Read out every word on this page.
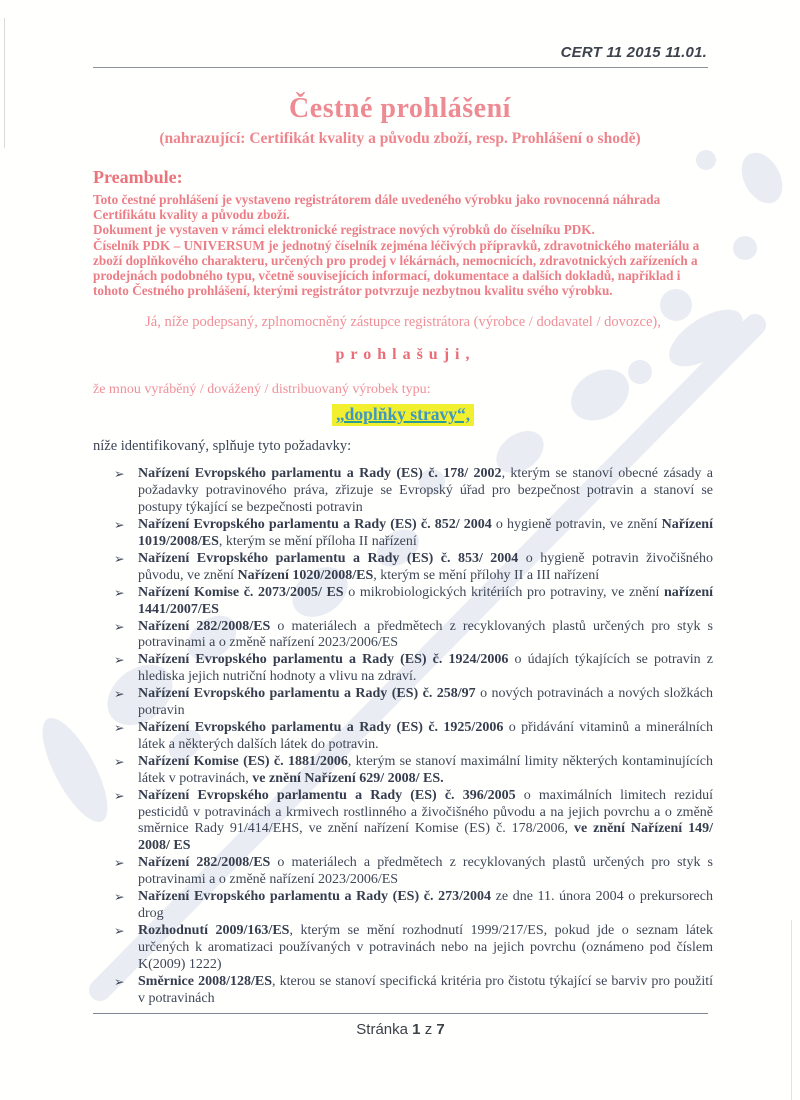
CERT 11 2015 11.01.
Čestné prohlášení
(nahrazující: Certifikát kvality a původu zboží, resp. Prohlášení o shodě)

Preambule:

Toto čestné prohlášení je vystaveno registrátorem dále uvedeného výrobku jako rovnocenná náhrada Certifikátu kvality a původu zboží.

Dokument je vystaven v rámci elektronické registrace nových výrobků do číselníku PDK.

Číselník PDK – UNIVERSUM je jednotný číselník zejména léčivých přípravků, zdravotnického materiálu a zboží doplňkového charakteru, určených pro prodej v lékárnách, nemocnicích, zdravotnických zařízeních a prodejnách podobného typu, včetně souvisejících informací, dokumentace a dalších dokladů, například i tohoto Čestného prohlášení, kterými registrátor potvrzuje nezbytnou kvalitu svého výrobku.

Já, níže podepsaný, zplnomocněný zástupce registrátora (výrobce / dodavatel / dovozce),

p r o h l a š u j i ,

že mnou vyráběný / dovážený / distribuovaný výrobek typu:

„doplňky stravy“,

níže identifikovaný, splňuje tyto požadavky:

➢ Nařízení Evropského parlamentu a Rady (ES) č. 178/ 2002, kterým se stanoví obecné zásady a požadavky potravinového práva, zřizuje se Evropský úřad pro bezpečnost potravin a stanoví se postupy týkající se bezpečnosti potravin
➢ Nařízení Evropského parlamentu a Rady (ES) č. 852/ 2004 o hygieně potravin, ve znění Nařízení 1019/2008/ES, kterým se mění příloha II nařízení
➢ Nařízení Evropského parlamentu a Rady (ES) č. 853/ 2004 o hygieně potravin živočišného původu, ve znění Nařízení 1020/2008/ES, kterým se mění přílohy II a III nařízení
➢ Nařízení Komise č. 2073/2005/ ES o mikrobiologických kritériích pro potraviny, ve znění nařízení 1441/2007/ES
➢ Nařízení 282/2008/ES o materiálech a předmětech z recyklovaných plastů určených pro styk s potravinami a o změně nařízení 2023/2006/ES
➢ Nařízení Evropského parlamentu a Rady (ES) č. 1924/2006 o údajích týkajících se potravin z hlediska jejich nutriční hodnoty a vlivu na zdraví.
➢ Nařízení Evropského parlamentu a Rady (ES) č. 258/97 o nových potravinách a nových složkách potravin
➢ Nařízení Evropského parlamentu a Rady (ES) č. 1925/2006 o přidávání vitaminů a minerálních látek a některých dalších látek do potravin.
➢ Nařízení Komise (ES) č. 1881/2006, kterým se stanoví maximální limity některých kontaminujících látek v potravinách, ve znění Nařízení 629/ 2008/ ES.
➢ Nařízení Evropského parlamentu a Rady (ES) č. 396/2005 o maximálních limitech reziduí pesticidů v potravinách a krmivech rostlinného a živočišného původu a na jejich povrchu a o změně směrnice Rady 91/414/EHS, ve znění nařízení Komise (ES) č. 178/2006, ve znění Nařízení 149/ 2008/ ES
➢ Nařízení 282/2008/ES o materiálech a předmětech z recyklovaných plastů určených pro styk s potravinami a o změně nařízení 2023/2006/ES
➢ Nařízení Evropského parlamentu a Rady (ES) č. 273/2004 ze dne 11. února 2004 o prekursorech drog
➢ Rozhodnutí 2009/163/ES, kterým se mění rozhodnutí 1999/217/ES, pokud jde o seznam látek určených k aromatizaci používaných v potravinách nebo na jejich povrchu (oznámeno pod číslem K(2009) 1222)
➢ Směrnice 2008/128/ES, kterou se stanoví specifická kritéria pro čistotu týkající se barviv pro použití v potravinách
Stránka 1 z 7
